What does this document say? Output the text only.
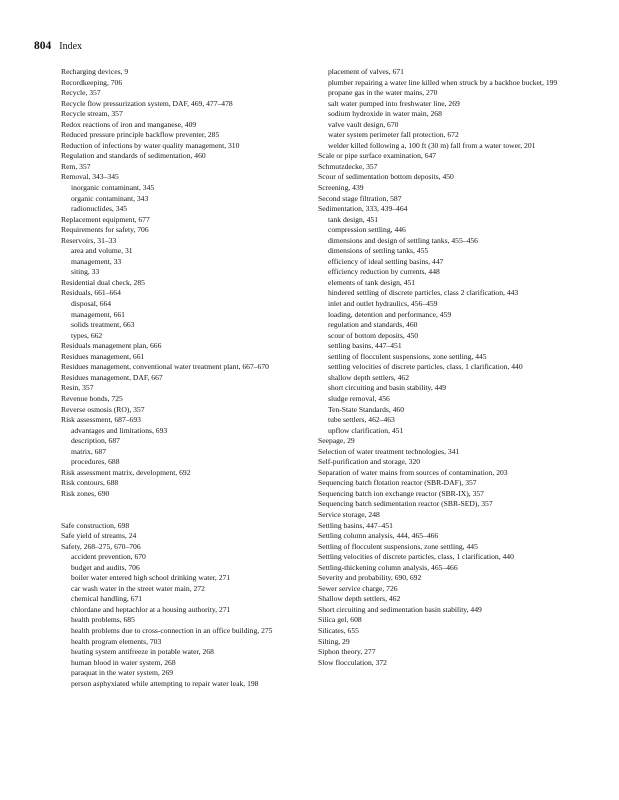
804 Index
Recharging devices, 9
Recordkeeping, 706
Recycle, 357
Recycle flow pressurization system, DAF, 469, 477–478
Recycle stream, 357
Redox reactions of iron and manganese, 409
Reduced pressure principle backflow preventer, 285
Reduction of infections by water quality management, 310
Regulation and standards of sedimentation, 460
Rem, 357
Removal, 343–345
inorganic contaminant, 345
organic contaminant, 343
radionuclides, 345
Replacement equipment, 677
Requirements for safety, 706
Reservoirs, 31–33
area and volume, 31
management, 33
siting, 33
Residential dual check, 285
Residuals, 661–664
disposal, 664
management, 661
solids treatment, 663
types, 662
Residuals management plan, 666
Residues management, 661
Residues management, conventional water treatment plant, 667–670
Residues management, DAF, 667
Resin, 357
Revenue bonds, 725
Reverse osmosis (RO), 357
Risk assessment, 687–693
advantages and limitations, 693
description, 687
matrix, 687
procedures, 688
Risk assessment matrix, development, 692
Risk contours, 688
Risk zones, 690
Safe construction, 698
Safe yield of streams, 24
Safety, 268–275, 670–706
accident prevention, 670
budget and audits, 706
boiler water entered high school drinking water, 271
car wash water in the street water main, 272
chemical handling, 671
chlordane and heptachlor at a housing authority, 271
health problems, 685
health problems due to cross-connection in an office building, 275
health program elements, 703
heating system antifreeze in potable water, 268
human blood in water system, 268
paraquat in the water system, 269
person asphyxiated while attempting to repair water leak, 198
placement of valves, 671
plumber repairing a water line killed when struck by a backhoe bucket, 199
propane gas in the water mains, 270
salt water pumped into freshwater line, 269
sodium hydroxide in water main, 268
valve vault design, 670
water system perimeter fall protection, 672
welder killed following a, 100 ft (30 m) fall from a water tower, 201
Scale or pipe surface examination, 647
Schmutzdecke, 357
Scour of sedimentation bottom deposits, 450
Screening, 439
Second stage filtration, 587
Sedimentation, 333, 439–464
tank design, 451
compression settling, 446
dimensions and design of settling tanks, 455–456
dimensions of settling tanks, 455
efficiency of ideal settling basins, 447
efficiency reduction by currents, 448
elements of tank design, 451
hindered settling of discrete particles, class 2 clarification, 443
inlet and outlet hydraulics, 456–459
loading, detention and performance, 459
regulation and standards, 460
scour of bottom deposits, 450
settling basins, 447–451
settling of flocculent suspensions, zone settling, 445
settling velocities of discrete particles, class, 1 clarification, 440
shallow depth settlers, 462
short circuiting and basin stability, 449
sludge removal, 456
Ten-State Standards, 460
tube settlers, 462–463
upflow clarification, 451
Seepage, 29
Selection of water treatment technologies, 341
Self-purification and storage, 320
Separation of water mains from sources of contamination, 203
Sequencing batch flotation reactor (SBR-DAF), 357
Sequencing batch ion exchange reactor (SBR-IX), 357
Sequencing batch sedimentation reactor (SBR-SED), 357
Service storage, 248
Settling basins, 447–451
Settling column analysis, 444, 465–466
Settling of flocculent suspensions, zone settling, 445
Settling velocities of discrete particles, class, 1 clarification, 440
Settling-thickening column analysis, 465–466
Severity and probability, 690, 692
Sewer service charge, 726
Shallow depth settlers, 462
Short circuiting and sedimentation basin stability, 449
Silica gel, 608
Silicates, 655
Silting, 29
Siphon theory, 277
Slow flocculation, 372
